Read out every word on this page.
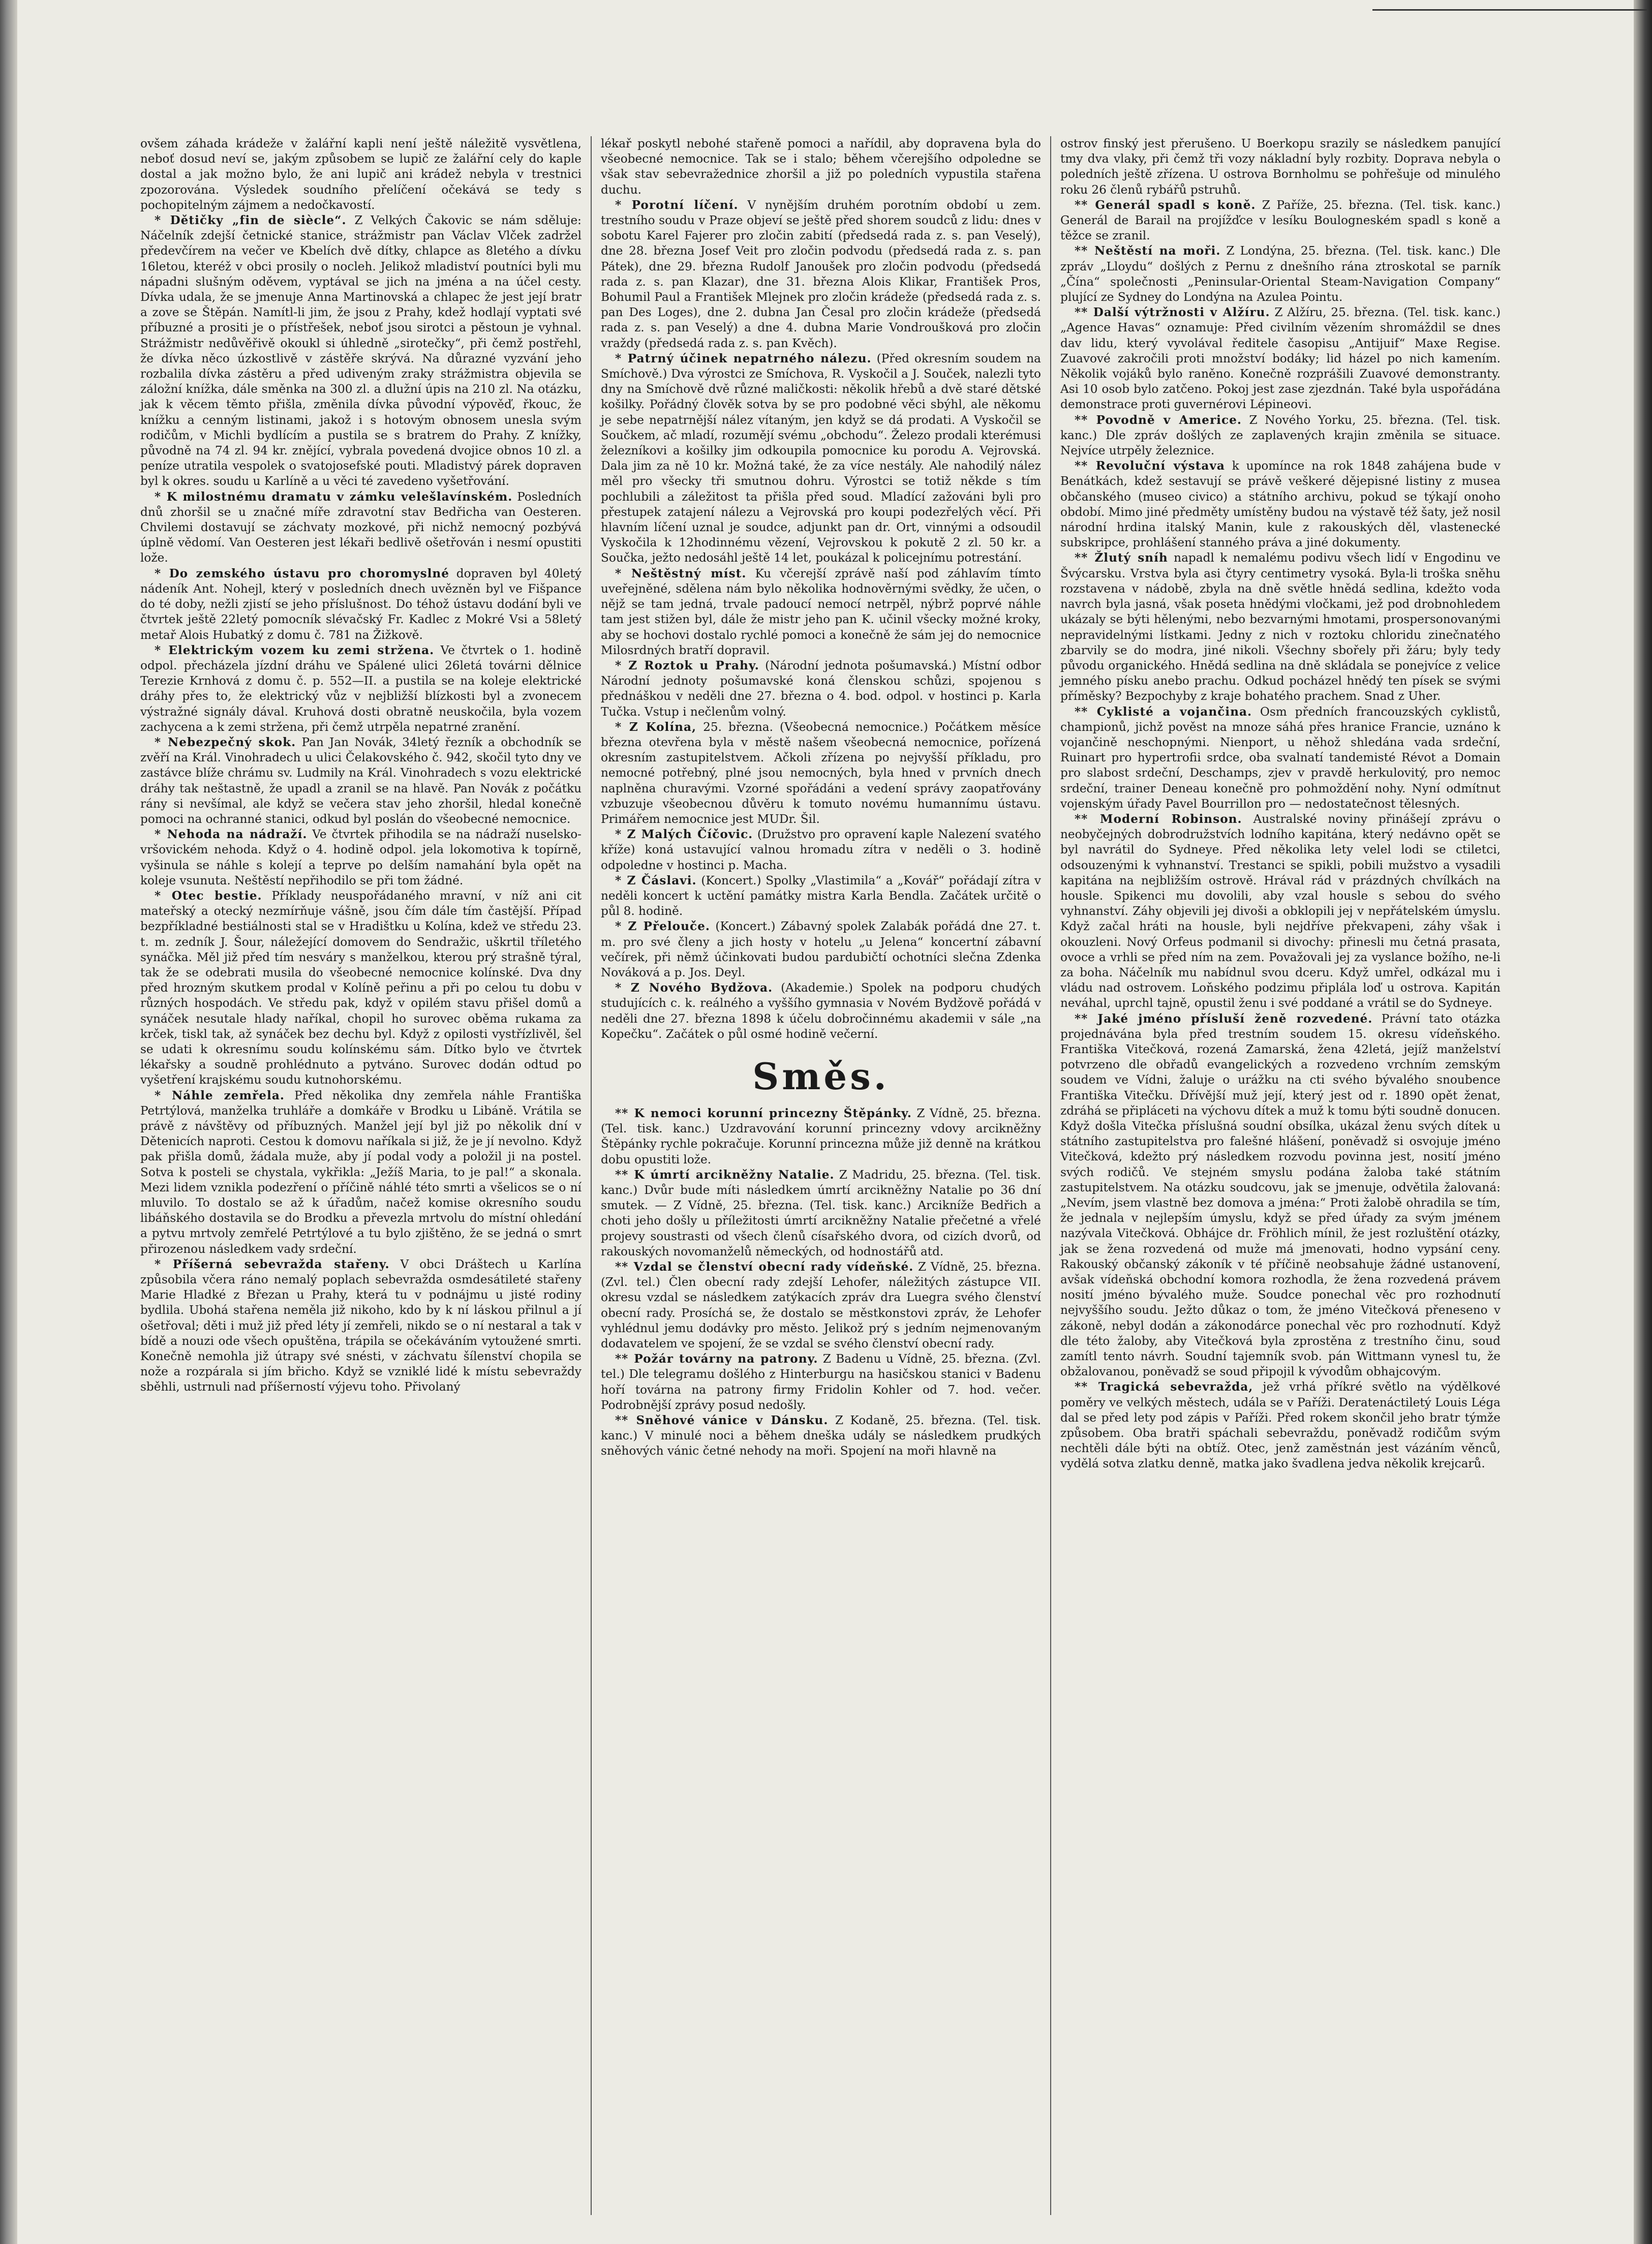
ovšem záhada krádeže v žalářní kapli není ještě náležitě vysvětlena, neboť dosud neví se, jakým způsobem se lupič ze žalářní cely do kaple dostal a jak možno bylo, že ani lupič ani krádež nebyla v trestnici zpozorována. Výsledek soudního přelíčení očekává se tedy s pochopitelným zájmem a nedočkavostí.

* Dětičky „fin de siècle“. Z Velkých Čakovic se nám sděluje: Náčelník zdejší četnické stanice, strážmistr pan Václav Vlček zadržel předevčírem na večer ve Kbelích dvě dítky, chlapce as 8letého a dívku 16letou, kteréž v obci prosily o nocleh. Jelikož mladiství poutníci byli mu nápadni slušným oděvem, vyptával se jich na jména a na účel cesty. Dívka udala, že se jmenuje Anna Martinovská a chlapec že jest její bratr a zove se Štěpán. Namítl-li jim, že jsou z Prahy, kdež hodlají vyptati své příbuzné a prositi je o přístřešek, neboť jsou sirotci a pěstoun je vyhnal. Strážmistr nedůvěřivě okoukl si úhledně „sirotečky“, při čemž postřehl, že dívka něco úzkostlivě v zástěře skrývá. Na důrazné vyzvání jeho rozbalila dívka zástěru a před udiveným zraky strážmistra objevila se záložní knížka, dále směnka na 300 zl. a dlužní úpis na 210 zl. Na otázku, jak k věcem těmto přišla, změnila dívka původní výpověď, řkouc, že knížku a cenným listinami, jakož i s hotovým obnosem unesla svým rodičům, v Michli bydlícím a pustila se s bratrem do Prahy. Z knížky, původně na 74 zl. 94 kr. znějící, vybrala povedená dvojice obnos 10 zl. a peníze utratila vespolek o svatojosefské pouti. Mladistvý párek dopraven byl k okres. soudu u Karlíně a u věci té zavedeno vyšetřování.

* K milostnému dramatu v zámku velešlavínském. Posledních dnů zhoršil se u značné míře zdravotní stav Bedřicha van Oesteren. Chvilemi dostavují se záchvaty mozkové, při nichž nemocný pozbývá úplně vědomí. Van Oesteren jest lékaři bedlivě ošetřován i nesmí opustiti lože.

* Do zemského ústavu pro choromyslné dopraven byl 40letý nádeník Ant. Nohejl, který v posledních dnech uvězněn byl ve Fišpance do té doby, nežli zjistí se jeho příslušnost. Do téhož ústavu dodání byli ve čtvrtek ještě 22letý pomocník slévačský Fr. Kadlec z Mokré Vsi a 58letý metař Alois Hubatký z domu č. 781 na Žižkově.

* Elektrickým vozem ku zemi stržena. Ve čtvrtek o 1. hodině odpol. přecházela jízdní dráhu ve Spálené ulici 26letá továrni dělnice Terezie Krnhová z domu č. p. 552—II. a pustila se na koleje elektrické dráhy přes to, že elektrický vůz v nejbližší blízkosti byl a zvonecem výstražné signály dával. Kruhová dosti obratně neuskočila, byla vozem zachycena a k zemi stržena, při čemž utrpěla nepatrné zranění.

* Nebezpečný skok. Pan Jan Novák, 34letý řezník a obchodník se zvěří na Král. Vinohradech u ulici Čelakovského č. 942, skočil tyto dny ve zastávce blíže chrámu sv. Ludmily na Král. Vinohradech s vozu elektrické dráhy tak neštastně, že upadl a zranil se na hlavě. Pan Novák z počátku rány si nevšímal, ale když se večera stav jeho zhoršil, hledal konečně pomoci na ochranné stanici, odkud byl poslán do všeobecné nemocnice.

* Nehoda na nádraží. Ve čtvrtek přihodila se na nádraží nuselsko-vršovickém nehoda. Když o 4. hodině odpol. jela lokomotiva k topírně, vyšinula se náhle s kolejí a teprve po delším namahání byla opět na koleje vsunuta. Neštěstí nepřihodilo se při tom žádné.

* Otec bestie. Příklady neuspořádaného mravní, v níž ani cit mateřský a otecký nezmírňuje vášně, jsou čím dále tím častější. Případ bezpříkladné bestiálnosti stal se v Hradištku u Kolína, kdež ve středu 23. t. m. zedník J. Šour, náležející domovem do Sendražic, uškrtil tříletého synáčka. Měl již před tím nesváry s manželkou, kterou prý strašně týral, tak že se odebrati musila do všeobecné nemocnice kolínské. Dva dny před hrozným skutkem prodal v Kolíně peřinu a při po celou tu dobu v různých hospodách. Ve středu pak, když v opilém stavu přišel domů a synáček nesutale hlady naříkal, chopil ho surovec oběma rukama za krček, tiskl tak, až synáček bez dechu byl. Když z opilosti vystřízlivěl, šel se udati k okresnímu soudu kolínskému sám. Dítko bylo ve čtvrtek lékařsky a soudně prohlédnuto a pytváno. Surovec dodán odtud po vyšetření krajskému soudu kutnohorskému.

* Náhle zemřela. Před několika dny zemřela náhle Františka Petrtýlová, manželka truhláře a domkáře v Brodku u Libáně. Vrátila se právě z návštěvy od příbuzných. Manžel její byl již po několik dní v Dětenicích naproti. Cestou k domovu naříkala si již, že je jí nevolno. Když pak přišla domů, žádala muže, aby jí podal vody a položil ji na postel. Sotva k posteli se chystala, vykřikla: „Ježíš Maria, to je pal!“ a skonala. Mezi lidem vznikla podezření o příčině náhlé této smrti a všelicos se o ní mluvilo. To dostalo se až k úřadům, načež komise okresního soudu libáňského dostavila se do Brodku a převezla mrtvolu do místní ohledání a pytvu mrtvoly zemřelé Petrtýlové a tu bylo zjištěno, že se jedná o smrt přirozenou následkem vady srdeční.

* Příšerná sebevražda stařeny. V obci Dráštech u Karlína způsobila včera ráno nemalý poplach sebevražda osmdesátileté stařeny Marie Hladké z Březan u Prahy, která tu v podnájmu u jisté rodiny bydlila. Ubohá stařena neměla již nikoho, kdo by k ní láskou přilnul a jí ošetřoval; děti i muž již před léty jí zemřeli, nikdo se o ní nestaral a tak v bídě a nouzi ode všech opuštěna, trápila se očekáváním vytoužené smrti. Konečně nemohla již útrapy své snésti, v záchvatu šílenství chopila se nože a rozpárala si jím břicho. Když se vzniklé lidé k místu sebevraždy sběhli, ustrnuli nad příšerností výjevu toho. Přivolaný

lékař poskytl nebohé stařeně pomoci a nařídil, aby dopravena byla do všeobecné nemocnice. Tak se i stalo; během včerejšího odpoledne se však stav sebevražednice zhoršil a již po poledních vypustila stařena duchu.

* Porotní líčení. V nynějším druhém porotním období u zem. trestního soudu v Praze objeví se ještě před shorem soudců z lidu: dnes v sobotu Karel Fajerer pro zločin zabití (předsedá rada z. s. pan Veselý), dne 28. března Josef Veit pro zločin podvodu (předsedá rada z. s. pan Pátek), dne 29. března Rudolf Janoušek pro zločin podvodu (předsedá rada z. s. pan Klazar), dne 31. března Alois Klikar, František Pros, Bohumil Paul a František Mlejnek pro zločin krádeže (předsedá rada z. s. pan Des Loges), dne 2. dubna Jan Česal pro zločin krádeže (předsedá rada z. s. pan Veselý) a dne 4. dubna Marie Vondroušková pro zločin vraždy (předsedá rada z. s. pan Kvěch).

* Patrný účinek nepatrného nálezu. (Před okresním soudem na Smíchově.) Dva výrostci ze Smíchova, R. Vyskočil a J. Souček, nalezli tyto dny na Smíchově dvě různé maličkosti: několik hřebů a dvě staré dětské košilky. Pořádný člověk sotva by se pro podobné věci sbýhl, ale někomu je sebe nepatrnější nález vítaným, jen když se dá prodati. A Vyskočil se Součkem, ač mladí, rozumějí svému „obchodu“. Železo prodali kterémusi železníkovi a košilky jim odkoupila pomocnice ku porodu A. Vejrovská. Dala jim za ně 10 kr. Možná také, že za více nestály. Ale nahodilý nález měl pro všecky tři smutnou dohru. Výrostci se totiž někde s tím pochlubili a záležitost ta přišla před soud. Mladící zažováni byli pro přestupek zatajení nálezu a Vejrovská pro koupi podezřelých věcí. Při hlavním líčení uznal je soudce, adjunkt pan dr. Ort, vinnými a odsoudil Vyskočila k 12hodinnému vězení, Vejrovskou k pokutě 2 zl. 50 kr. a Součka, ježto nedosáhl ještě 14 let, poukázal k policejnímu potrestání.

* Neštěstný míst. Ku včerejší zprávě naší pod záhlavím tímto uveřejněné, sdělena nám bylo několika hodnověrnými svědky, že učen, o nějž se tam jedná, trvale padoucí nemocí netrpěl, nýbrž poprvé náhle tam jest stižen byl, dále že mistr jeho pan K. učinil všecky možné kroky, aby se hochovi dostalo rychlé pomoci a konečně že sám jej do nemocnice Milosrdných bratří dopravil.

* Z Roztok u Prahy. (Národní jednota pošumavská.) Místní odbor Národní jednoty pošumavské koná členskou schůzi, spojenou s přednáškou v neděli dne 27. března o 4. bod. odpol. v hostinci p. Karla Tučka. Vstup i nečlenům volný.

* Z Kolína, 25. března. (Všeobecná nemocnice.) Počátkem měsíce března otevřena byla v městě našem všeobecná nemocnice, pořízená okresním zastupitelstvem. Ačkoli zřízena po nejvyšší příkladu, pro nemocné potřebný, plné jsou nemocných, byla hned v prvních dnech naplněna churavými. Vzorné spořádáni a vedení správy zaopatřovány vzbuzuje všeobecnou důvěru k tomuto novému humannímu ústavu. Primářem nemocnice jest MUDr. Šil.

* Z Malých Číčovic. (Družstvo pro opravení kaple Nalezení svatého kříže) koná ustavující valnou hromadu zítra v neděli o 3. hodině odpoledne v hostinci p. Macha.

* Z Čáslavi. (Koncert.) Spolky „Vlastimila“ a „Kovář“ pořádají zítra v neděli koncert k uctění památky mistra Karla Bendla. Začátek určitě o půl 8. hodině.

* Z Přelouče. (Koncert.) Zábavný spolek Zalabák pořádá dne 27. t. m. pro své členy a jich hosty v hotelu „u Jelena“ koncertní zábavní večírek, při němž účinkovati budou pardubičtí ochotníci slečna Zdenka Nováková a p. Jos. Deyl.

* Z Nového Bydžova. (Akademie.) Spolek na podporu chudých studujících c. k. reálného a vyššího gymnasia v Novém Bydžově pořádá v neděli dne 27. března 1898 k účelu dobročinnému akademii v sále „na Kopečku“. Začátek o půl osmé hodině večerní.

Směs.

** K nemoci korunní princezny Štěpánky. Z Vídně, 25. března. (Tel. tisk. kanc.) Uzdravování korunní princezny vdovy arcikněžny Štěpánky rychle pokračuje. Korunní princezna může již denně na krátkou dobu opustiti lože.

** K úmrtí arcikněžny Natalie. Z Madridu, 25. března. (Tel. tisk. kanc.) Dvůr bude míti následkem úmrtí arcikněžny Natalie po 36 dní smutek. — Z Vídně, 25. března. (Tel. tisk. kanc.) Arcikníže Bedřich a choti jeho došly u příležitosti úmrtí arcikněžny Natalie přečetné a vřelé projevy soustrasti od všech členů císařského dvora, od cizích dvorů, od rakouských novomanželů německých, od hodnostářů atd.

** Vzdal se členství obecní rady vídeňské. Z Vídně, 25. března. (Zvl. tel.) Člen obecní rady zdejší Lehofer, náležitých zástupce VII. okresu vzdal se následkem zatýkacích zpráv dra Luegra svého členství obecní rady. Prosíchá se, že dostalo se městkonstovi zpráv, že Lehofer vyhlédnul jemu dodávky pro město. Jelikož prý s jedním nejmenovaným dodavatelem ve spojení, že se vzdal se svého členství obecní rady.

** Požár továrny na patrony. Z Badenu u Vídně, 25. března. (Zvl. tel.) Dle telegramu došlého z Hinterburgu na hasičskou stanici v Badenu hoří továrna na patrony firmy Fridolin Kohler od 7. hod. večer. Podrobnější zprávy posud nedošly.

** Sněhové vánice v Dánsku. Z Kodaně, 25. března. (Tel. tisk. kanc.) V minulé noci a během dneška udály se následkem prudkých sněhových vánic četné nehody na moři. Spojení na moři hlavně na

ostrov finský jest přerušeno. U Boerkopu srazily se následkem panující tmy dva vlaky, při čemž tři vozy nákladní byly rozbity. Doprava nebyla o poledních ještě zřízena. U ostrova Bornholmu se pohřešuje od minulého roku 26 členů rybářů pstruhů.

** Generál spadl s koně. Z Paříže, 25. března. (Tel. tisk. kanc.) Generál de Barail na projížďce v lesíku Boulogneském spadl s koně a těžce se zranil.

** Neštěstí na moři. Z Londýna, 25. března. (Tel. tisk. kanc.) Dle zpráv „Lloydu“ došlých z Pernu z dnešního rána ztroskotal se parník „Čína“ společnosti „Peninsular-Oriental Steam-Navigation Company“ plující ze Sydney do Londýna na Azulea Pointu.

** Další výtržnosti v Alžíru. Z Alžíru, 25. března. (Tel. tisk. kanc.) „Agence Havas“ oznamuje: Před civilním vězením shromáždil se dnes dav lidu, který vyvolával ředitele časopisu „Antijuif“ Maxe Regise. Zuavové zakročili proti množství bodáky; lid házel po nich kamením. Několik vojáků bylo raněno. Konečně rozprášili Zuavové demonstranty. Asi 10 osob bylo zatčeno. Pokoj jest zase zjezdnán. Také byla uspořádána demonstrace proti guvernérovi Lépineovi.

** Povodně v Americe. Z Nového Yorku, 25. března. (Tel. tisk. kanc.) Dle zpráv došlých ze zaplavených krajin změnila se situace. Nejvíce utrpěly železnice.

** Revoluční výstava k upomínce na rok 1848 zahájena bude v Benátkách, kdež sestavují se právě veškeré dějepisné listiny z musea občanského (museo civico) a státního archivu, pokud se týkají onoho období. Mimo jiné předměty umístěny budou na výstavě též šaty, jež nosil národní hrdina italský Manin, kule z rakouských děl, vlastenecké subskripce, prohlášení stanného práva a jiné dokumenty.

** Žlutý sníh napadl k nemalému podivu všech lidí v Engodinu ve Švýcarsku. Vrstva byla asi čtyry centimetry vysoká. Byla-li troška sněhu rozstavena v nádobě, zbyla na dně světle hnědá sedlina, kdežto voda navrch byla jasná, však poseta hnědými vločkami, jež pod drobnohledem ukázaly se býti hělenými, nebo bezvarnými hmotami, prospersonovanými nepravidelnými lístkami. Jedny z nich v roztoku chloridu zinečnatého zbarvily se do modra, jiné nikoli. Všechny sbořely při žáru; byly tedy původu organického. Hnědá sedlina na dně skládala se ponejvíce z velice jemného písku anebo prachu. Odkud pocházel hnědý ten písek se svými příměsky? Bezpochyby z kraje bohatého prachem. Snad z Uher.

** Cyklisté a vojančina. Osm předních francouzských cyklistů, championů, jichž pověst na mnoze sáhá přes hranice Francie, uznáno k vojančině neschopnými. Nienport, u něhož shledána vada srdeční, Ruinart pro hypertrofii srdce, oba svalnatí tandemisté Révot a Domain pro slabost srdeční, Deschamps, zjev v pravdě herkulovitý, pro nemoc srdeční, trainer Deneau konečně pro pohmoždění nohy. Nyní odmítnut vojenským úřady Pavel Bourrillon pro — nedostatečnost tělesných.

** Moderní Robinson. Australské noviny přinášejí zprávu o neobyčejných dobrodružstvích lodního kapitána, který nedávno opět se byl navrátil do Sydneye. Před několika lety velel lodi se ctiletci, odsouzenými k vyhnanství. Trestanci se spikli, pobili mužstvo a vysadili kapitána na nejbližším ostrově. Hrával rád v prázdných chvílkách na housle. Spikenci mu dovolili, aby vzal housle s sebou do svého vyhnanství. Záhy objevili jej divoši a obklopili jej v nepřátelském úmyslu. Když začal hráti na housle, byli nejdříve překvapeni, záhy však i okouzleni. Nový Orfeus podmanil si divochy: přinesli mu četná prasata, ovoce a vrhli se před ním na zem. Považovali jej za vyslance božího, ne-li za boha. Náčelník mu nabídnul svou dceru. Když umřel, odkázal mu i vládu nad ostrovem. Loňského podzimu připlála loď u ostrova. Kapitán neváhal, uprchl tajně, opustil ženu i své poddané a vrátil se do Sydneye.

** Jaké jméno přísluší ženě rozvedené. Právní tato otázka projednávána byla před trestním soudem 15. okresu vídeňského. Františka Vitečková, rozená Zamarská, žena 42letá, jejíž manželství potvrzeno dle obřadů evangelických a rozvedeno vrchním zemským soudem ve Vídni, žaluje o urážku na cti svého bývalého snoubence Františka Vitečku. Dřívější muž její, který jest od r. 1890 opět ženat, zdráhá se připláceti na výchovu dítek a muž k tomu býti soudně donucen. Když došla Vitečka příslušná soudní obsílka, ukázal ženu svých dítek u státního zastupitelstva pro falešné hlášení, poněvadž si osvojuje jméno Vitečková, kdežto prý následkem rozvodu povinna jest, nosití jméno svých rodičů. Ve stejném smyslu podána žaloba také státním zastupitelstvem. Na otázku soudcovu, jak se jmenuje, odvětila žalovaná: „Nevím, jsem vlastně bez domova a jména:“ Proti žalobě ohradila se tím, že jednala v nejlepším úmyslu, když se před úřady za svým jménem nazývala Vitečková. Obhájce dr. Fröhlich mínil, že jest rozluštění otázky, jak se žena rozvedená od muže má jmenovati, hodno vypsání ceny. Rakouský občanský zákoník v té příčině neobsahuje žádné ustanovení, avšak vídeňská obchodní komora rozhodla, že žena rozvedená právem nosití jméno bývalého muže. Soudce ponechal věc pro rozhodnutí nejvyššího soudu. Ježto důkaz o tom, že jméno Vitečková přeneseno v zákoně, nebyl dodán a zákonodárce ponechal věc pro rozhodnutí. Když dle této žaloby, aby Vitečková byla zprostěna z trestního činu, soud zamítl tento návrh. Soudní tajemník svob. pán Wittmann vynesl tu, že obžalovanou, poněvadž se soud připojil k vývodům obhajcovým.

** Tragická sebevražda, jež vrhá příkré světlo na výdělkové poměry ve velkých městech, udála se v Paříži. Deratenáctiletý Louis Léga dal se před lety pod zápis v Paříži. Před rokem skončil jeho bratr týmže způsobem. Oba bratři spáchali sebevraždu, poněvadž rodičům svým nechtěli dále býti na obtíž. Otec, jenž zaměstnán jest vázáním věnců, vydělá sotva zlatku denně, matka jako švadlena jedva několik krejcarů.
